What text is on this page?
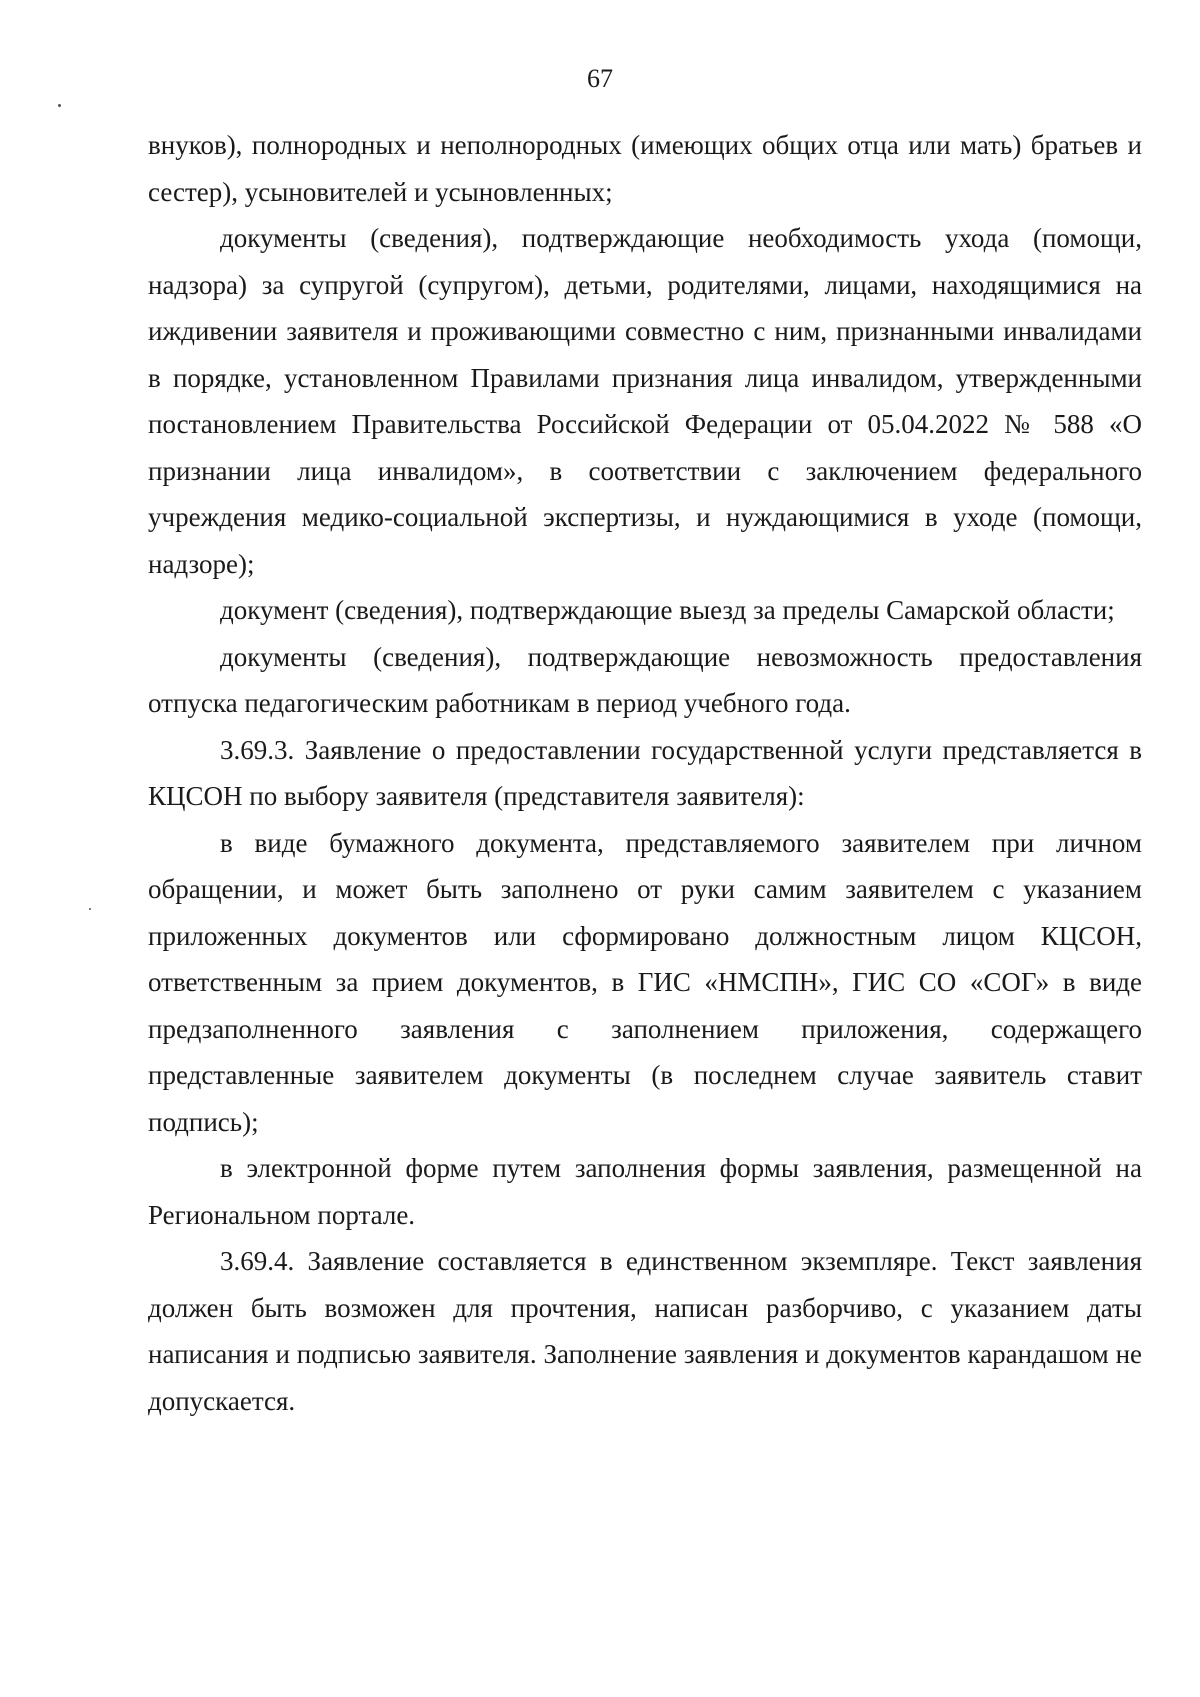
67

внуков), полнородных и неполнородных (имеющих общих отца или мать) братьев и сестер), усыновителей и усыновленных;

документы (сведения), подтверждающие необходимость ухода (помощи, надзора) за супругой (супругом), детьми, родителями, лицами, находящимися на иждивении заявителя и проживающими совместно с ним, признанными инвалидами в порядке, установленном Правилами признания лица инвалидом, утвержденными постановлением Правительства Российской Федерации от 05.04.2022 № 588 «О признании лица инвалидом», в соответствии с заключением федерального учреждения медико-социальной экспертизы, и нуждающимися в уходе (помощи, надзоре);

документ (сведения), подтверждающие выезд за пределы Самарской области;

документы (сведения), подтверждающие невозможность предоставления отпуска педагогическим работникам в период учебного года.

3.69.3. Заявление о предоставлении государственной услуги представляется в КЦСОН по выбору заявителя (представителя заявителя):

в виде бумажного документа, представляемого заявителем при личном обращении, и может быть заполнено от руки самим заявителем с указанием приложенных документов или сформировано должностным лицом КЦСОН, ответственным за прием документов, в ГИС «НМСПН», ГИС СО «СОГ» в виде предзаполненного заявления с заполнением приложения, содержащего представленные заявителем документы (в последнем случае заявитель ставит подпись);

в электронной форме путем заполнения формы заявления, размещенной на Региональном портале.

3.69.4. Заявление составляется в единственном экземпляре. Текст заявления должен быть возможен для прочтения, написан разборчиво, с указанием даты написания и подписью заявителя. Заполнение заявления и документов карандашом не допускается.
